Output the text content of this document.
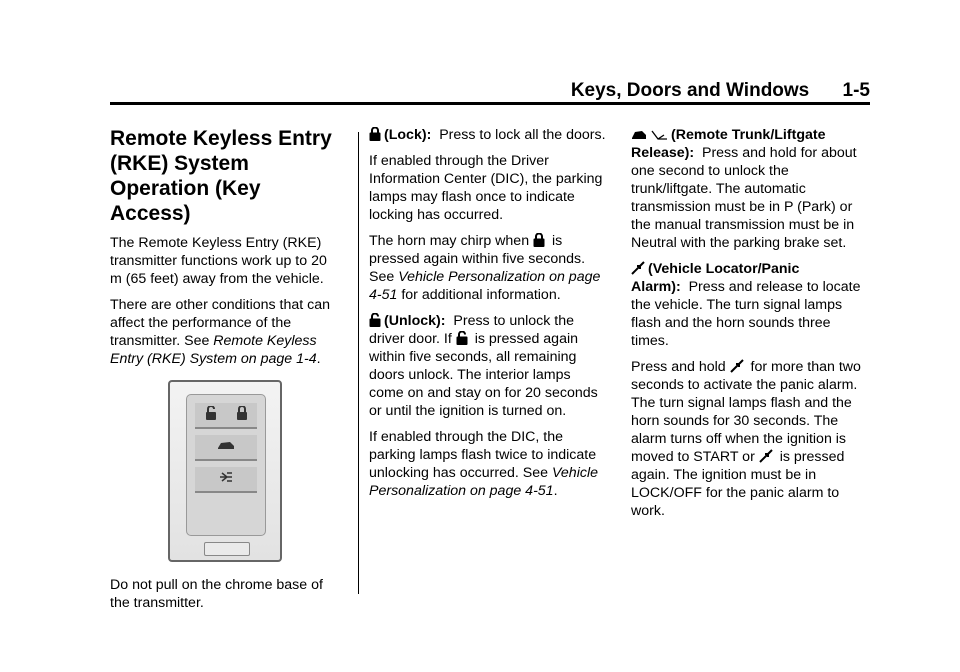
Keys, Doors and Windows 1-5
Remote Keyless Entry (RKE) System Operation (Key Access)

The Remote Keyless Entry (RKE) transmitter functions work up to 20 m (65 feet) away from the vehicle.

There are other conditions that can affect the performance of the transmitter. See Remote Keyless Entry (RKE) System on page 1-4.

Do not pull on the chrome base of the transmitter.

(Lock): Press to lock all the doors.

If enabled through the Driver Information Center (DIC), the parking lamps may flash once to indicate locking has occurred.

The horn may chirp when
is pressed again within five seconds. See Vehicle Personalization on page 4-51 for additional information.

(Unlock): Press to unlock the driver door. If
is pressed again within five seconds, all remaining doors unlock. The interior lamps come on and stay on for 20 seconds or until the ignition is turned on.

If enabled through the DIC, the parking lamps flash twice to indicate unlocking has occurred. See Vehicle Personalization on page 4-51.

(Remote Trunk/Liftgate Release): Press and hold for about one second to unlock the trunk/liftgate. The automatic transmission must be in P (Park) or the manual transmission must be in Neutral with the parking brake set.

(Vehicle Locator/Panic Alarm): Press and release to locate the vehicle. The turn signal lamps flash and the horn sounds three times.

Press and hold
for more than two seconds to activate the panic alarm. The turn signal lamps flash and the horn sounds for 30 seconds. The alarm turns off when the ignition is moved to START or
is pressed again. The ignition must be in LOCK/OFF for the panic alarm to work.
